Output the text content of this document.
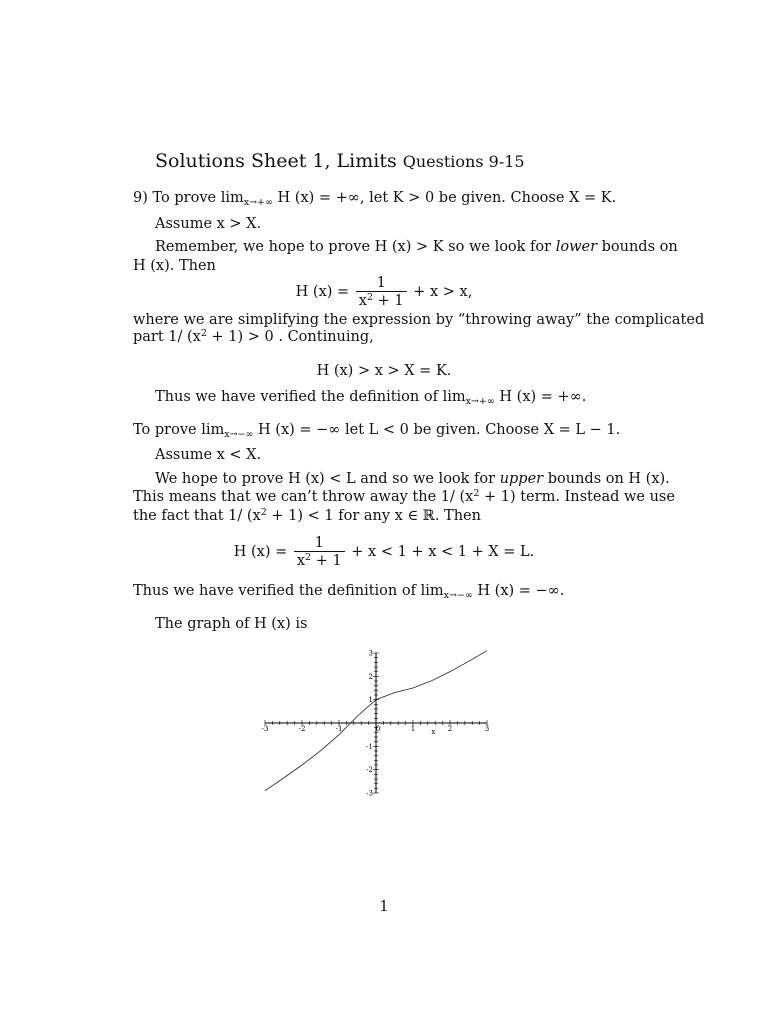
Solutions Sheet 1, Limits Questions 9-15
9) To prove $\lim_{x\to+\infty} H$ (x) = +∞, let K > 0 be given. Choose X = K.
Assume x > X.
Remember, we hope to prove H (x) > K so we look for lower bounds on
H (x). Then
H $(x) = \frac{1}{x^2 + 1} + x > x$,
where we are simplifying the expression by “throwing away” the complicated
part 1/ $(x^2 + 1) > 0$ . Continuing,
H (x) > x > X = K.
Thus we have verified the definition of $\lim_{x\to+\infty} H$ (x) = +∞.
To prove $\lim_{x\to-\infty} H$ (x) = −∞ let L < 0 be given. Choose X = L − 1.
Assume x < X.
We hope to prove H (x) < L and so we look for upper bounds on H (x).
This means that we can’t throw away the 1/ $(x^2 + 1)$ term. Instead we use
the fact that 1/ $(x^2 + 1) < 1$ for any x ∈ ℝ. Then
H $(x) = \frac{1}{x^2 + 1} + x < 1 + x < 1 + X = L$.
Thus we have verified the definition of $\lim_{x\to-\infty} H$ (x) = −∞.
The graph of H (x) is
-3	-2	-1	0	1	2	3
3
2
1
-1
-2
-3
x
1
